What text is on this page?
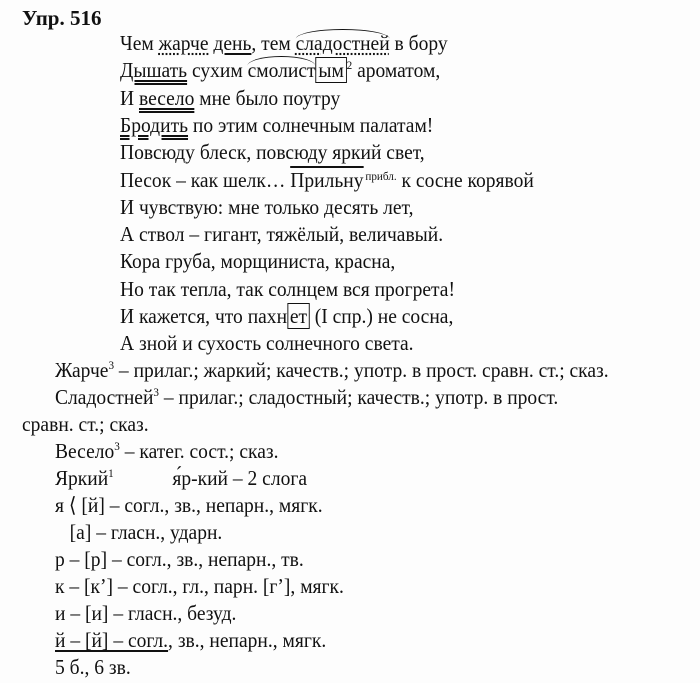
Упр. 516
Чем жарче день, тем сладостней в бору
Дышать сухим смолист ым $^2$ ароматом,
И весело мне было поутру
Бродить по этим солнечным палатам!
Повсюду блеск, повсюду яркий свет,
Песок – как шелк… Прильну $^{прибл.}$ к сосне корявой
И чувствую: мне только десять лет,
А ствол – гигант, тяжёлый, величавый.
Кора груба, морщиниста, красна,
Но так тепла, так солнцем вся прогрета!
И кажется, что пахн ет (I спр.) не сосна,
А зной и сухость солнечного света.
Жарче$^3$ – прилаг.; жаркий; качеств.; употр. в прост. сравн. ст.; сказ.
Сладостней$^3$ – прилаг.; сладостный; качеств.; употр. в прост.
сравн. ст.; сказ.
Весело$^3$ – катег. сост.; сказ.
Яркий$^1$            я́р-кий – 2 слога
я ⟨ [й] – согл., зв., непарн., мягк.
[а] – гласн., ударн.
р – [р] – согл., зв., непарн., тв.
к – [к’] – согл., гл., парн. [г’], мягк.
и – [и] – гласн., безуд.
й – [й] – согл., зв., непарн., мягк.
5 б., 6 зв.
